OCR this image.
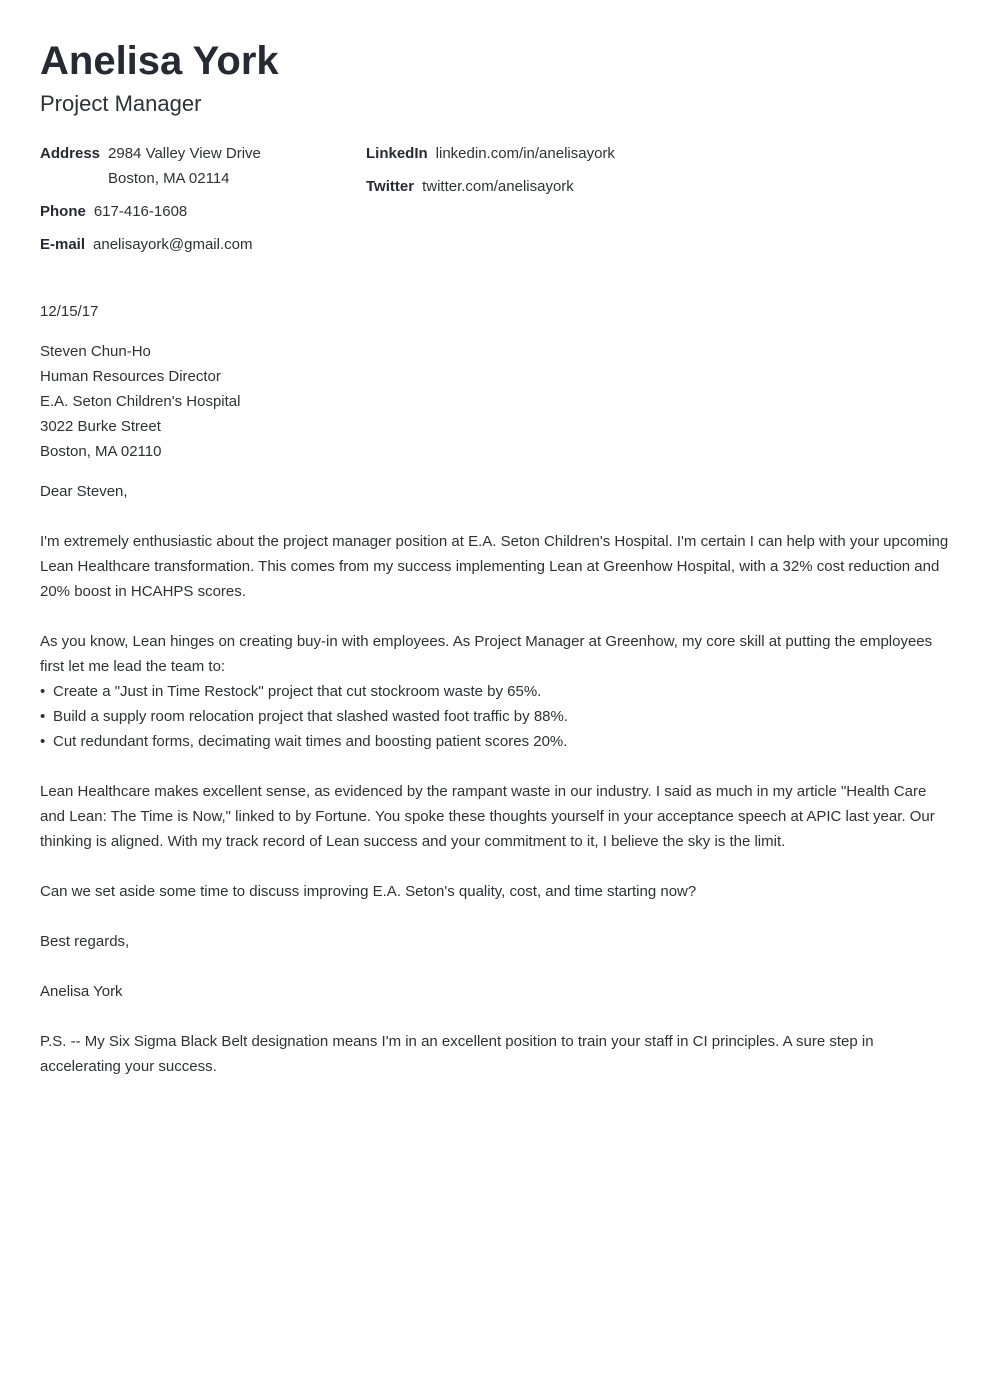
Anelisa York
Project Manager
Address 2984 Valley View Drive
Boston, MA 02114
Phone 617-416-1608
E-mail anelisayork@gmail.com
LinkedIn linkedin.com/in/anelisayork
Twitter twitter.com/anelisayork
12/15/17
Steven Chun-Ho
Human Resources Director
E.A. Seton Children's Hospital
3022 Burke Street
Boston, MA 02110
Dear Steven,
I'm extremely enthusiastic about the project manager position at E.A. Seton Children's Hospital. I'm certain I can help with your upcoming Lean Healthcare transformation. This comes from my success implementing Lean at Greenhow Hospital, with a 32% cost reduction and 20% boost in HCAHPS scores.
As you know, Lean hinges on creating buy-in with employees. As Project Manager at Greenhow, my core skill at putting the employees first let me lead the team to:
• Create a "Just in Time Restock" project that cut stockroom waste by 65%.
• Build a supply room relocation project that slashed wasted foot traffic by 88%.
• Cut redundant forms, decimating wait times and boosting patient scores 20%.
Lean Healthcare makes excellent sense, as evidenced by the rampant waste in our industry. I said as much in my article "Health Care and Lean: The Time is Now," linked to by Fortune. You spoke these thoughts yourself in your acceptance speech at APIC last year. Our thinking is aligned. With my track record of Lean success and your commitment to it, I believe the sky is the limit.
Can we set aside some time to discuss improving E.A. Seton's quality, cost, and time starting now?
Best regards,
Anelisa York
P.S. -- My Six Sigma Black Belt designation means I'm in an excellent position to train your staff in CI principles. A sure step in accelerating your success.
